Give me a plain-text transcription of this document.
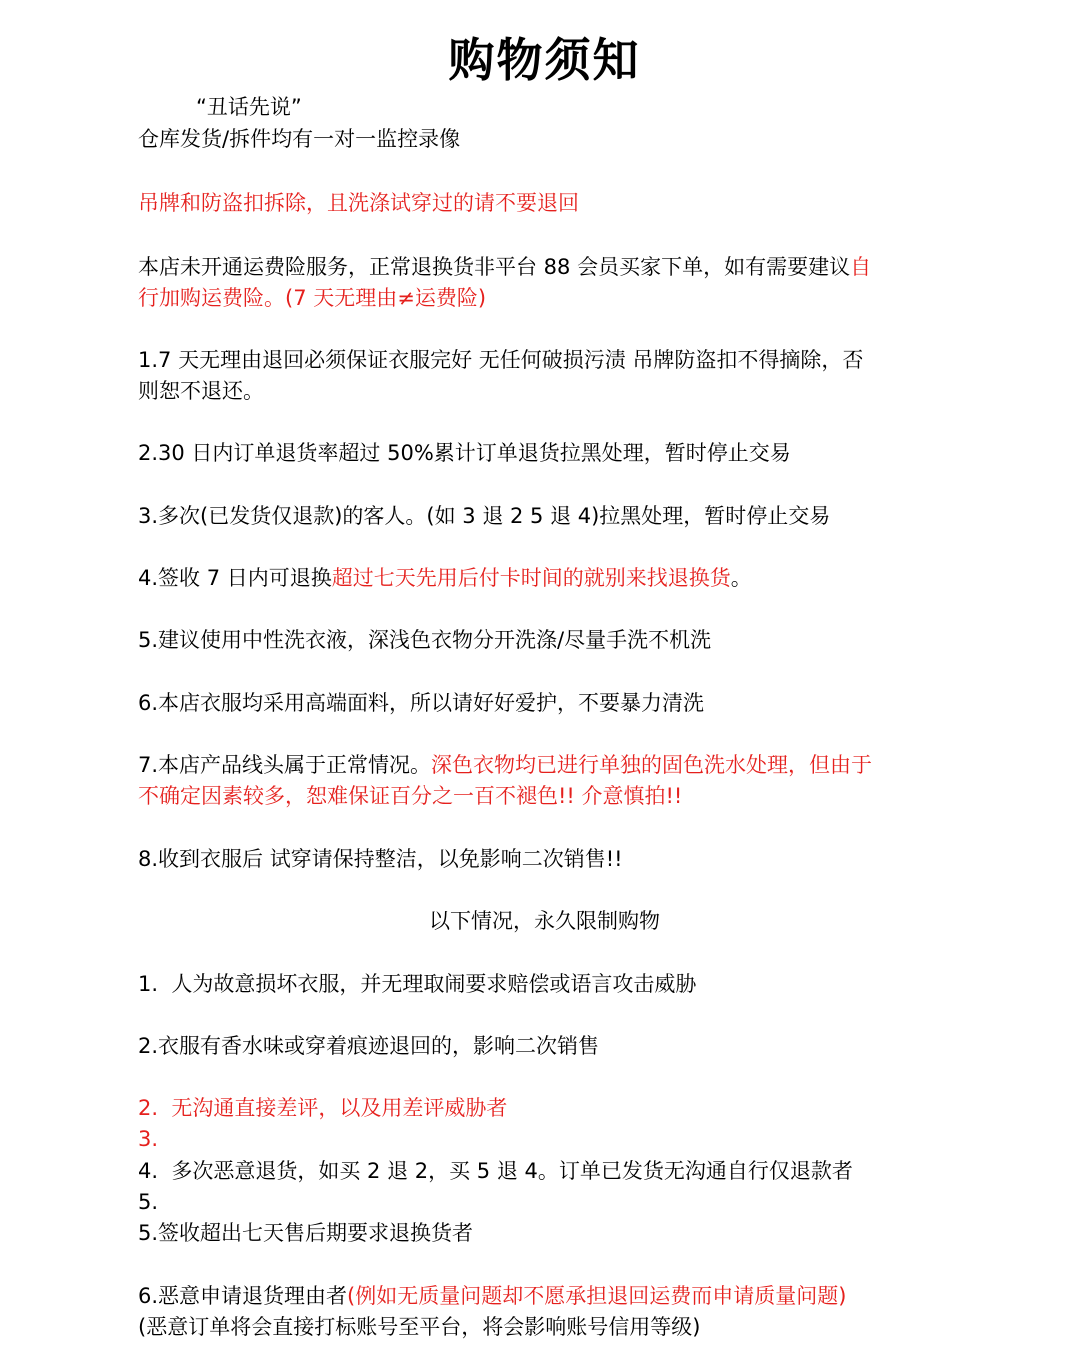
购物须知
“丑话先说”
仓库发货/拆件均有一对一监控录像
吊牌和防盗扣拆除，且洗涤试穿过的请不要退回
本店未开通运费险服务，正常退换货非平台 88 会员买家下单，如有需要建议自
行加购运费险。(7 天无理由≠运费险)
1.7 天无理由退回必须保证衣服完好 无任何破损污渍 吊牌防盗扣不得摘除，否
则恕不退还。
2.30 日内订单退货率超过 50%累计订单退货拉黑处理，暂时停止交易
3.多次(已发货仅退款)的客人。(如 3 退 2 5 退 4)拉黑处理，暂时停止交易
4.签收 7 日内可退换超过七天先用后付卡时间的就别来找退换货。
5.建议使用中性洗衣液，深浅色衣物分开洗涤/尽量手洗不机洗
6.本店衣服均采用高端面料，所以请好好爱护，不要暴力清洗
7.本店产品线头属于正常情况。深色衣物均已进行单独的固色洗水处理，但由于
不确定因素较多，恕难保证百分之一百不褪色!! 介意慎拍!!
8.收到衣服后 试穿请保持整洁，以免影响二次销售!!
以下情况，永久限制购物
1.  人为故意损坏衣服，并无理取闹要求赔偿或语言攻击威胁
2.衣服有香水味或穿着痕迹退回的，影响二次销售
2.  无沟通直接差评，以及用差评威胁者
3.
4.  多次恶意退货，如买 2 退 2，买 5 退 4。订单已发货无沟通自行仅退款者
5.
5.签收超出七天售后期要求退换货者
6.恶意申请退货理由者(例如无质量问题却不愿承担退回运费而申请质量问题)
(恶意订单将会直接打标账号至平台，将会影响账号信用等级)
